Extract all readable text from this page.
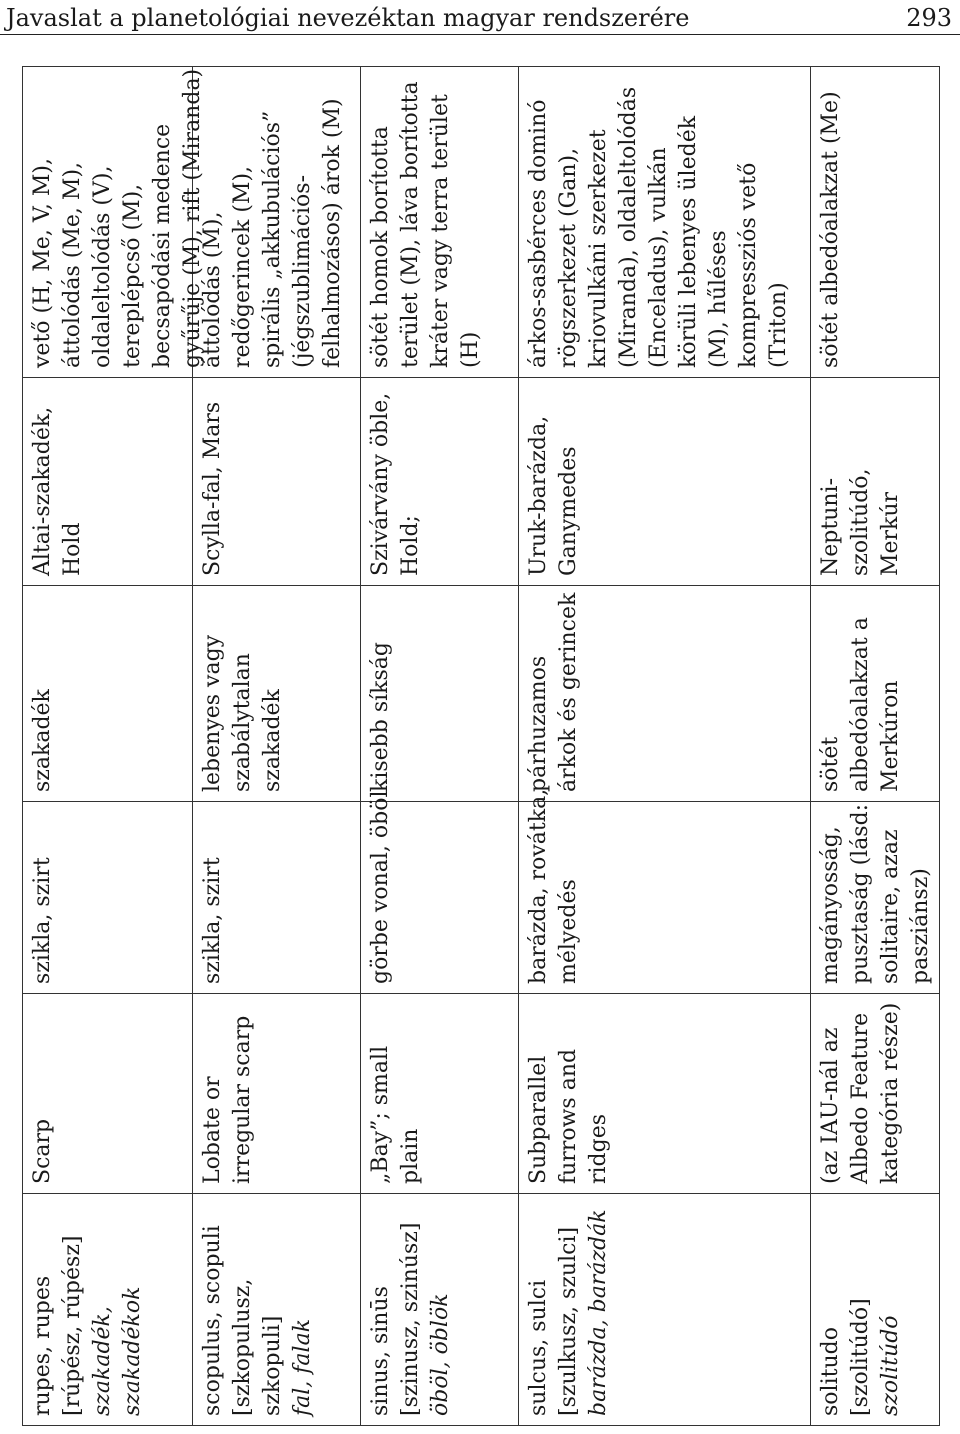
Javaslat a planetológiai nevezéktan magyar rendszerére	293
rupes, rupes [rúpész, rúpész] szakadék, szakadékok
Scarp
szikla, szirt
szakadék
Altai-szakadék, Hold
vető (H, Me, V, M), áttolódás (Me, M), oldaleltolódás (V), tereplépcső (M), becsapódási medence gyűrűje (M), rift (Miranda)
scopulus, scopuli [szkopulusz, szkopuli] fal, falak
Lobate or irregular scarp
szikla, szirt
lebenyes vagy szabálytalan szakadék
Scylla-fal, Mars
áttolódás (M), redőgerincek (M), spirális „akkubulációs” (jégszublimációs- felhalmozásos) árok (M)
sinus, sinūs [szinusz, szinúsz] öböl, öblök
„Bay”; small plain
görbe vonal, öböl
kisebb síkság
Szivárvány öble, Hold;
sötét homok borította terület (M), láva borította kráter vagy terra terület (H)
sulcus, sulci [szulkusz, szulci] barázda, barázdák
Subparallel furrows and ridges
barázda, rovátka, mélyedés
párhuzamos árkok és gerincek
Uruk-barázda, Ganymedes
árkos-sasbérces dominó rögszerkezet (Gan), kriovulkáni szerkezet (Miranda), oldaleltolódás (Enceladus), vulkán körüli lebenyes üledék (M), hűléses kompressziós vető (Triton)
solitudo [szolitúdó] szolitúdó
(az IAU-nál az Albedo Feature kategória része)
magányosság, pusztaság (lásd: solitaire, azaz pasziánsz)
sötét albedóalakzat a Merkúron
Neptuni- szolitúdó, Merkúr
sötét albedóalakzat (Me)
